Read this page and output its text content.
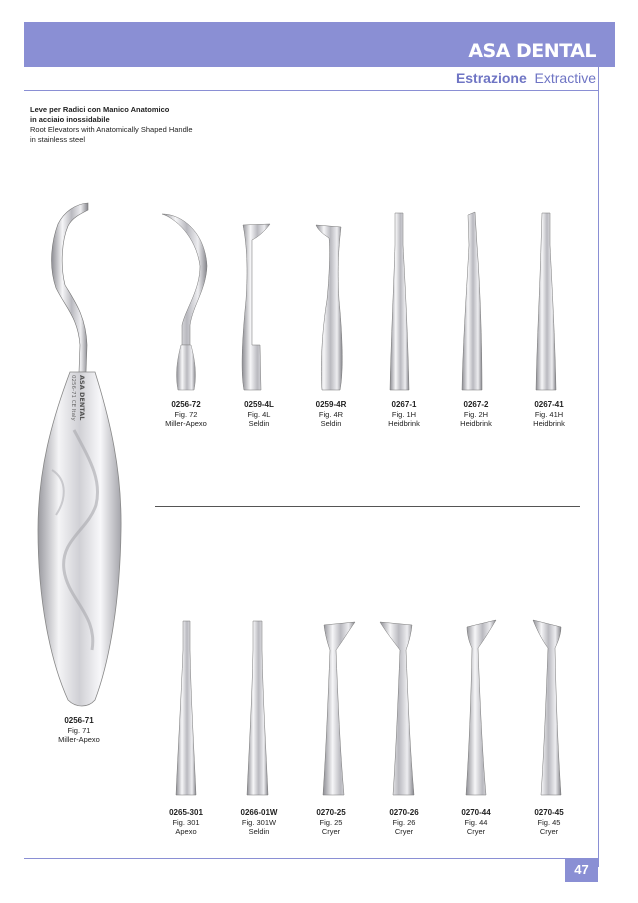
ASA DENTAL
Estrazione Extractive
Leve per Radici con Manico Anatomico
in acciaio inossidabile
Root Elevators with Anatomically Shaped Handle
in stainless steel
ASA DENTAL
0256-71 CE Italy
0256-71
Fig. 71
Miller-Apexo
0256-72
Fig. 72
Miller-Apexo
0259-4L
Fig. 4L
Seldin
0259-4R
Fig. 4R
Seldin
0267-1
Fig. 1H
Heidbrink
0267-2
Fig. 2H
Heidbrink
0267-41
Fig. 41H
Heidbrink
0265-301
Fig. 301
Apexo
0266-01W
Fig. 301W
Seldin
0270-25
Fig. 25
Cryer
0270-26
Fig. 26
Cryer
0270-44
Fig. 44
Cryer
0270-45
Fig. 45
Cryer
47
